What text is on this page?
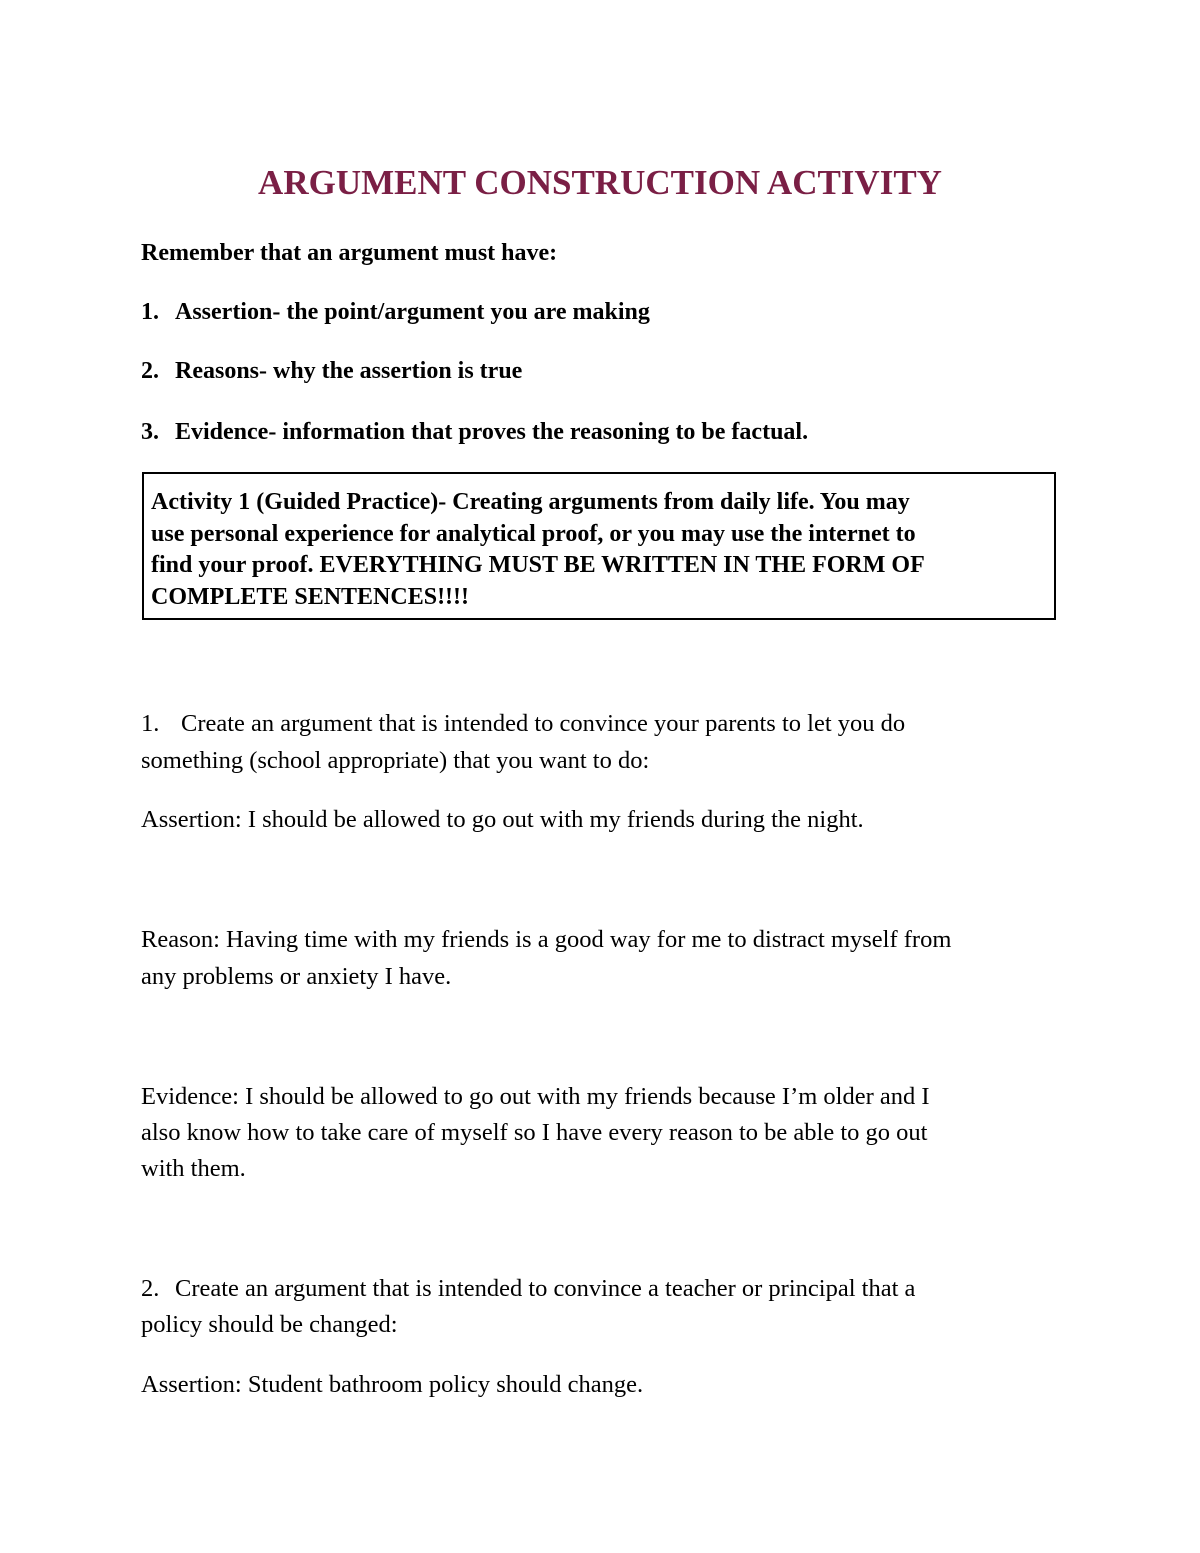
ARGUMENT CONSTRUCTION ACTIVITY
Remember that an argument must have:
1. Assertion- the point/argument you are making
2. Reasons- why the assertion is true
3. Evidence- information that proves the reasoning to be factual.
Activity 1 (Guided Practice)- Creating arguments from daily life. You may
use personal experience for analytical proof, or you may use the internet to
find your proof. EVERYTHING MUST BE WRITTEN IN THE FORM OF
COMPLETE SENTENCES!!!!
1. Create an argument that is intended to convince your parents to let you do
something (school appropriate) that you want to do:
Assertion: I should be allowed to go out with my friends during the night.
Reason: Having time with my friends is a good way for me to distract myself from
any problems or anxiety I have.
Evidence: I should be allowed to go out with my friends because I’m older and I
also know how to take care of myself so I have every reason to be able to go out
with them.
2. Create an argument that is intended to convince a teacher or principal that a
policy should be changed:
Assertion: Student bathroom policy should change.
